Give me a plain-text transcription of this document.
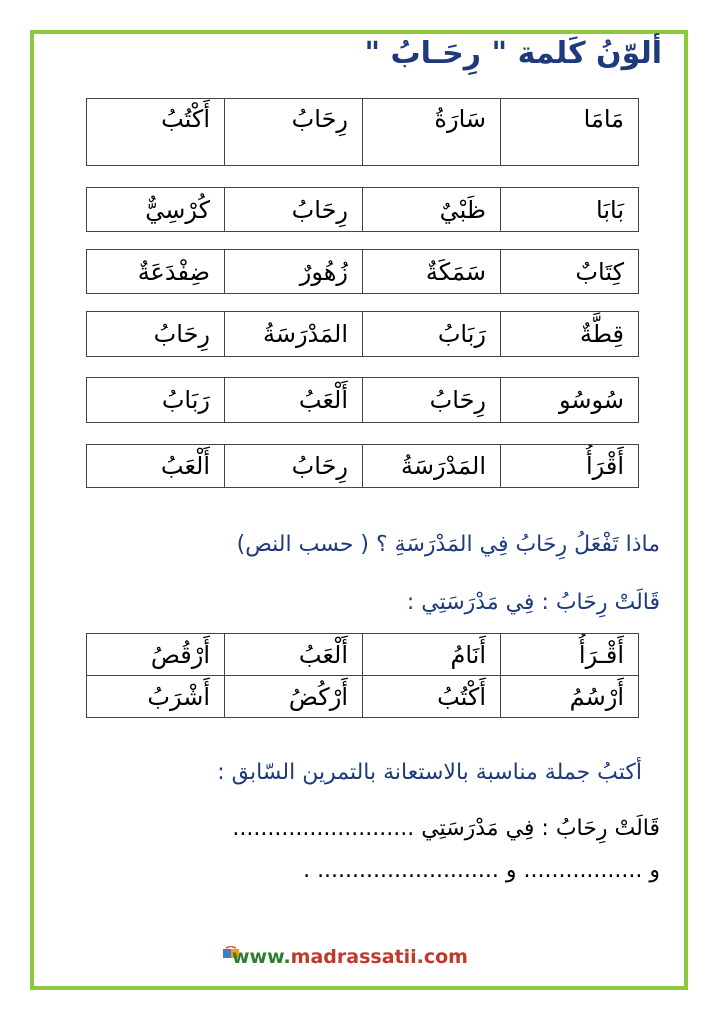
ألوّنُ كَلمة " رِحَـابُ "
مَامَا	سَارَةُ	رِحَابُ	أَكْتُبُ
بَابَا	ظَبْيٌ	رِحَابُ	كُرْسِيٌّ
كِتَابٌ	سَمَكَةٌ	زُهُورٌ	ضِفْدَعَةٌ
قِطَّةٌ	رَبَابُ	المَدْرَسَةُ	رِحَابُ
سُوسُو	رِحَابُ	أَلْعَبُ	رَبَابُ
أَقْرَأُ	المَدْرَسَةُ	رِحَابُ	أَلْعَبُ
ماذا تَفْعَلُ رِحَابُ فِي المَدْرَسَةِ ؟ ( حسب النص)
قَالَتْ رِحَابُ : فِي مَدْرَسَتِي :
أَقْـرَأُ	أَنَامُ	أَلْعَبُ	أَرْقُصُ
أَرْسُمُ	أَكْتُبُ	أَرْكُضُ	أَشْرَبُ
أكتبُ جملة مناسبة بالاستعانة بالتمرين السّابق :
قَالَتْ رِحَابُ : فِي مَدْرَسَتِي ..........................
و ................. و .......................... .
www.madrassatii.com
